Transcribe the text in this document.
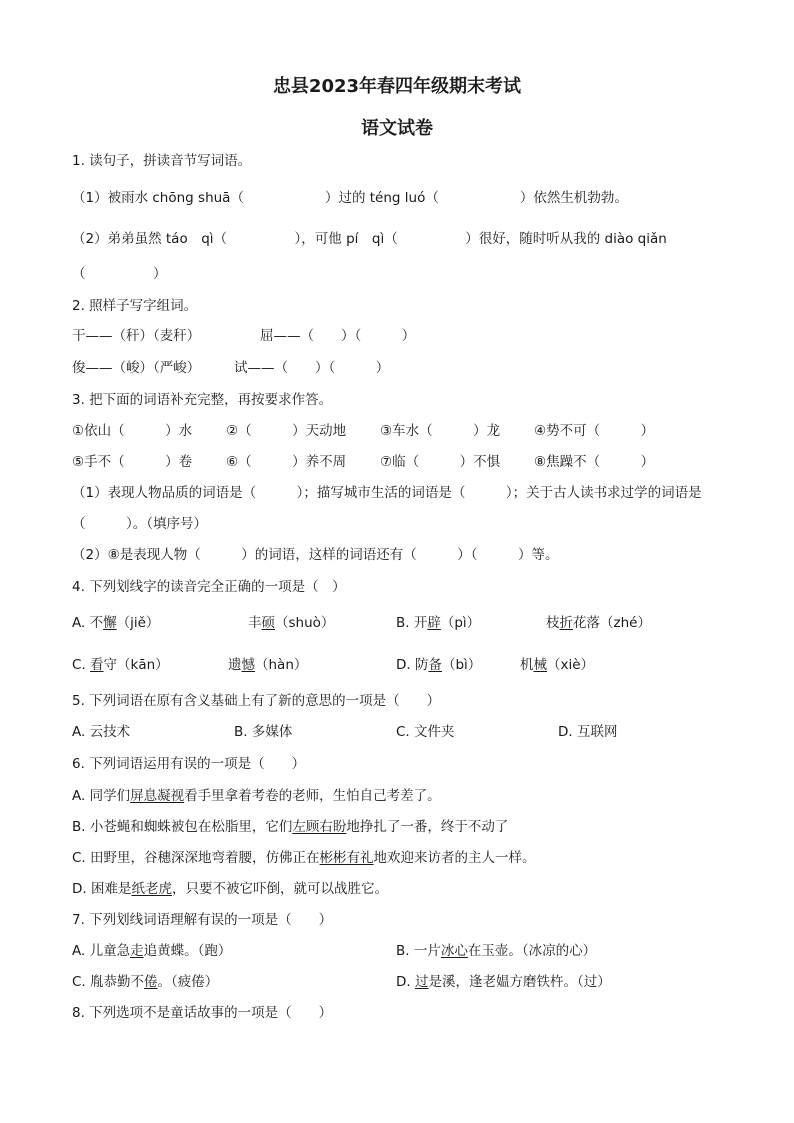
忠县2023年春四年级期末考试
语文试卷
1. 读句子，拼读音节写词语。
（1）被雨水 chōng shuā（　　　　　　）过的 téng luó（　　　　　　）依然生机勃勃。
（2）弟弟虽然 táo　qì（　　　　　），可他 pí　qì（　　　　　）很好，随时听从我的 diào qiǎn
（　　　　　）
2. 照样子写字组词。
干——（秆）（麦秆）	屈——（　　）（　　　）
俊——（峻）（严峻）	试——（　　）（　　　）
3. 把下面的词语补充完整，再按要求作答。
①依山（　　　）水	②（　　　）天动地	③车水（　　　）龙	④势不可（　　　）
⑤手不（　　　）卷	⑥（　　　）养不周	⑦临（　　　）不惧	⑧焦躁不（　　　）
（1）表现人物品质的词语是（　　　）；描写城市生活的词语是（　　　）；关于古人读书求过学的词语是
（　　　）。（填序号）
（2）⑧是表现人物（　　　）的词语，这样的词语还有（　　　）（　　　）等。
4. 下列划线字的读音完全正确的一项是（　）
A. 不懈（jiě）	丰硕（shuò）	B. 开辟（pì）	枝折花落（zhé）
C. 看守（kān）	遗憾（hàn）	D. 防备（bì）	机械（xiè）
5. 下列词语在原有含义基础上有了新的意思的一项是（　　）
A. 云技术	B. 多媒体	C. 文件夹	D. 互联网
6. 下列词语运用有误的一项是（　　）
A. 同学们屏息凝视看手里拿着考卷的老师，生怕自己考差了。
B. 小苍蝇和蜘蛛被包在松脂里，它们左顾右盼地挣扎了一番，终于不动了
C. 田野里，谷穗深深地弯着腰，仿佛正在彬彬有礼地欢迎来访者的主人一样。
D. 困难是纸老虎，只要不被它吓倒，就可以战胜它。
7. 下列划线词语理解有误的一项是（　　）
A. 儿童急走追黄蝶。（跑）	B. 一片冰心在玉壶。（冰凉的心）
C. 胤恭勤不倦。（疲倦）	D. 过是溪，逢老媪方磨铁杵。（过）
8. 下列选项不是童话故事的一项是（　　）
